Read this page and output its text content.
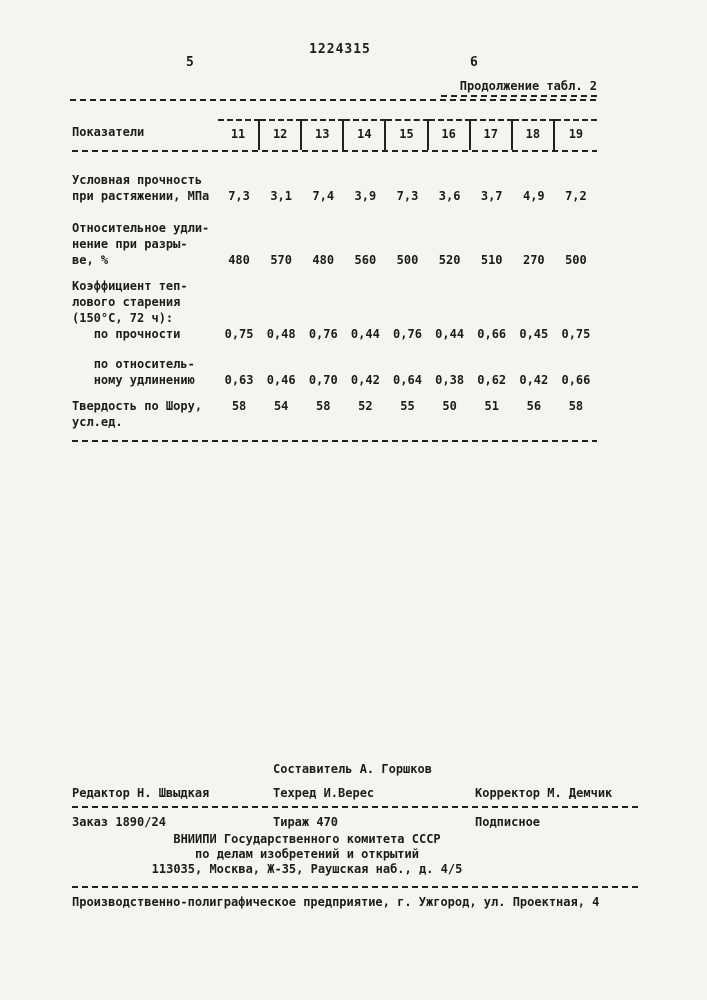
1224315
5	6
Продолжение табл. 2
Показатели	11	12	13	14	15	16	17	18	19
Условная прочность
при растяжении, МПа	7,3	3,1	7,4	3,9	7,3	3,6	3,7	4,9	7,2
Относительное удли-
нение при разры-
ве, %	480	570	480	560	500	520	510	270	500
Коэффициент теп-
лового старения
(150°С, 72 ч):
по прочности	0,75	0,48	0,76	0,44	0,76	0,44	0,66	0,45	0,75
по относитель-
ному удлинению	0,63	0,46	0,70	0,42	0,64	0,38	0,62	0,42	0,66
Твердость по Шору,
усл.ед.
58	54	58	52	55	50	51	56	58
Составитель А. Горшков
Редактор Н. Швыдкая	Техред И.Верес	Корректор М. Демчик
Заказ 1890/24	Тираж 470	Подписное
ВНИИПИ Государственного комитета СССР
по делам изобретений и открытий
113035, Москва, Ж-35, Раушская наб., д. 4/5
Производственно-полиграфическое предприятие, г. Ужгород, ул. Проектная, 4
